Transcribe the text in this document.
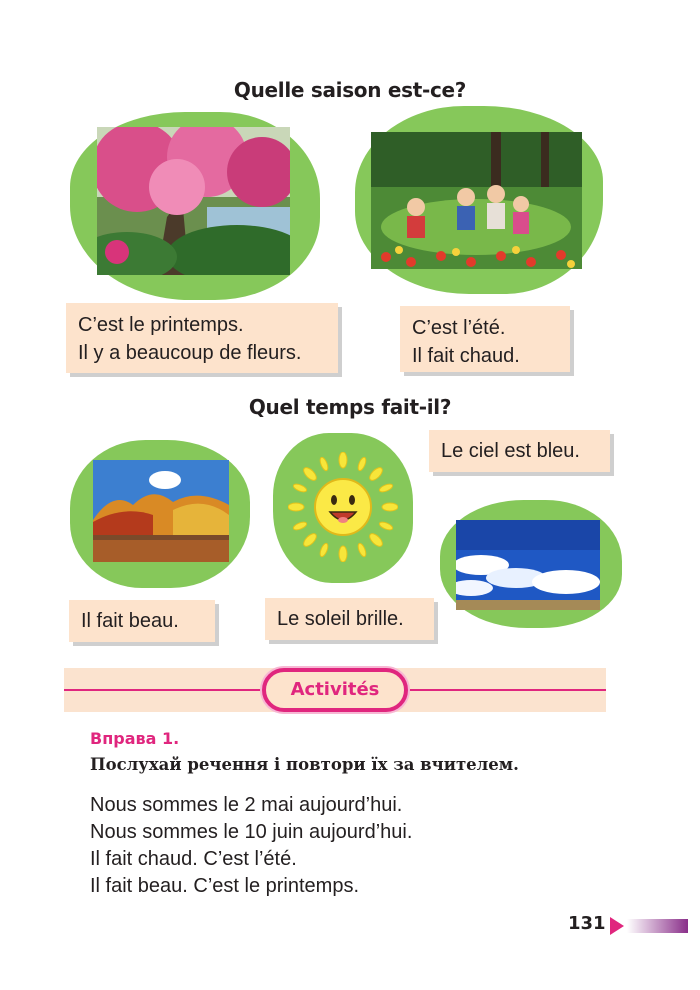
Quelle saison est-ce?
C’est le printemps.
Il y a beaucoup de fleurs.
C’est l’été.
Il fait chaud.
Quel temps fait-il?
Le ciel est bleu.
Il fait beau.	Le soleil brille.
Activités
Вправа 1.
Послухай речення і повтори їх за вчителем.
Nous sommes le 2 mai aujourd’hui.
Nous sommes le 10 juin aujourd’hui.
Il fait chaud. C’est l’été.
Il fait beau. C’est le printemps.
131
